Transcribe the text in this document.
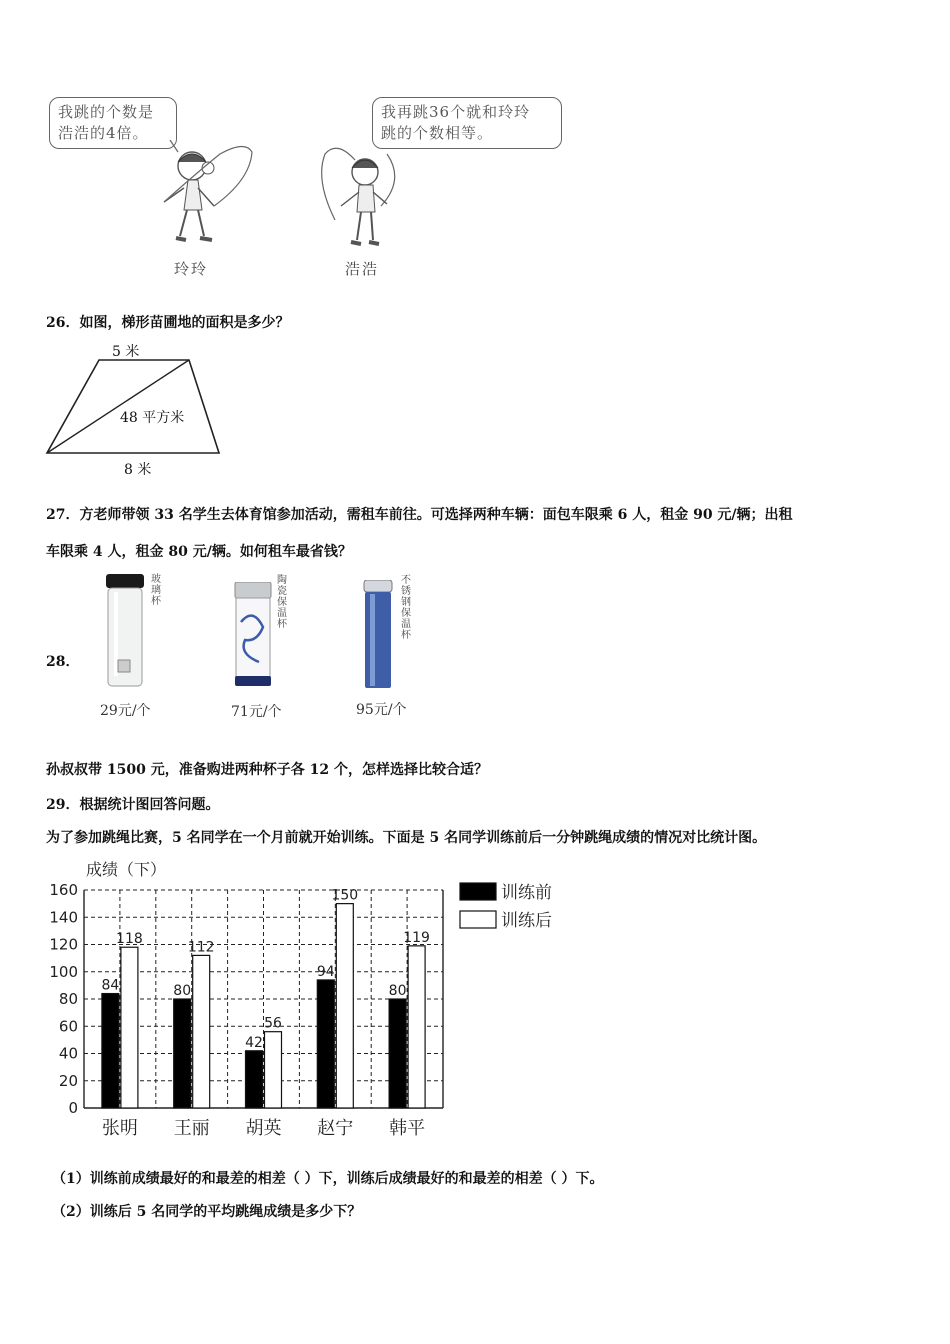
我跳的个数是
浩浩的4倍。
我再跳36个就和玲玲
跳的个数相等。
玲玲	浩浩
26．如图，梯形苗圃地的面积是多少？
5 米
48 平方米
8 米
27．方老师带领 33 名学生去体育馆参加活动，需租车前往。可选择两种车辆：面包车限乘 6 人，租金 90 元/辆；出租
车限乘 4 人，租金 80 元/辆。如何租车最省钱？
28．
玻璃杯
29元/个
陶瓷保温杯
71元/个
不锈钢保温杯
95元/个
孙叔叔带 1500 元，准备购进两种杯子各 12 个，怎样选择比较合适？
29．根据统计图回答问题。
为了参加跳绳比赛，5 名同学在一个月前就开始训练。下面是 5 名同学训练前后一分钟跳绳成绩的情况对比统计图。
成绩（下）
0
20
40
60
80
100
120
140
160
84
118
80
112
42
56
94
150
80
119
张明 王丽 胡英 赵宁 韩平
训练前
训练后
（1）训练前成绩最好的和最差的相差（ ）下，训练后成绩最好的和最差的相差（ ）下。
（2）训练后 5 名同学的平均跳绳成绩是多少下？
